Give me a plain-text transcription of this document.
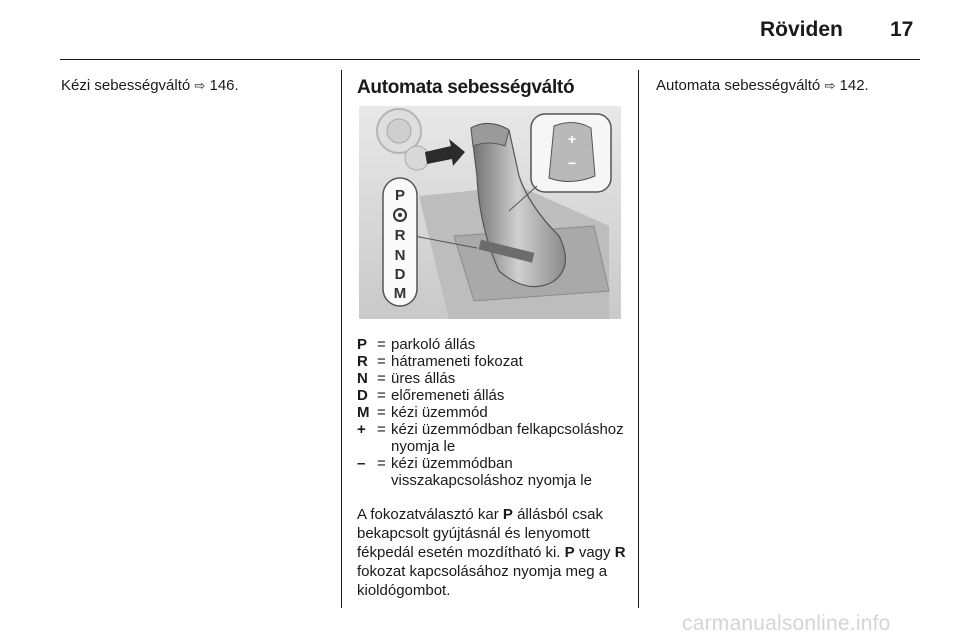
Röviden 17
Kézi sebességváltó ⇨ 146.	Automata sebességváltó
+
−
P
R
N
D
M
P = parkoló állás
R = hátrameneti fokozat
N = üres állás
D = előremeneti állás
M = kézi üzemmód
+ = kézi üzemmódban felkapcsoláshoz nyomja le
– = kézi üzemmódban visszakapcsoláshoz nyomja le
A fokozatválasztó kar P állásból csak bekapcsolt gyújtásnál és lenyomott fékpedál esetén mozdítható ki. P vagy R fokozat kapcsolásához nyomja meg a kioldógombot.
Automata sebességváltó ⇨ 142.
carmanualsonline.info
